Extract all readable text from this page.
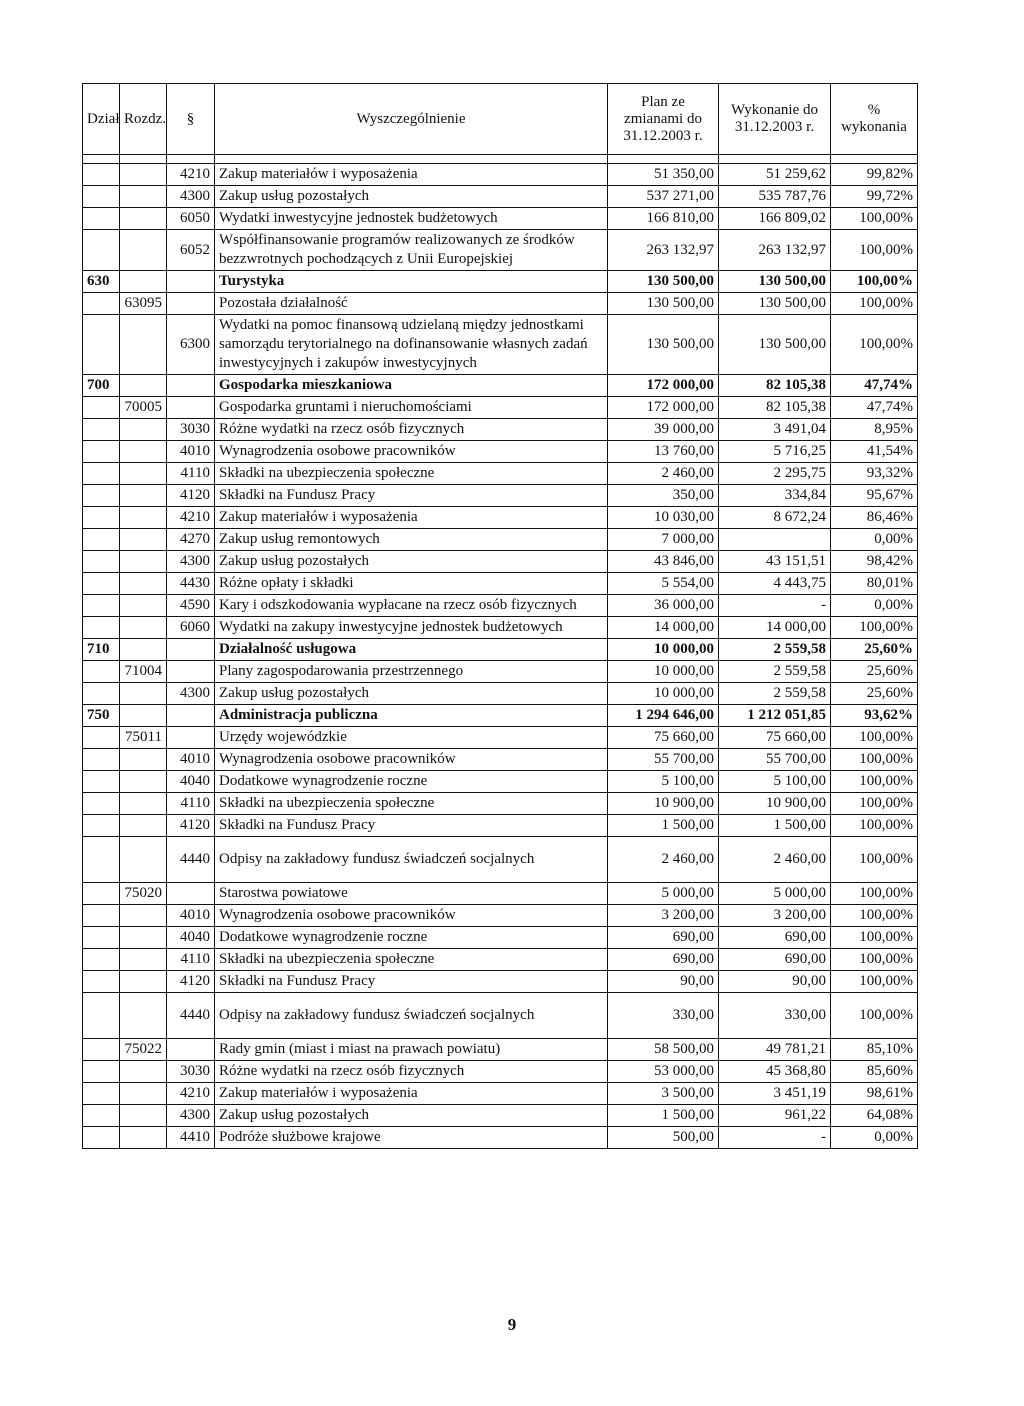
Dział	Rozdz.	§	Wyszczególnienie	Plan ze zmianami do 31.12.2003 r.	Wykonanie do 31.12.2003 r.	% wykonania

		4210	Zakup materiałów i wyposażenia	51 350,00	51 259,62	99,82%
		4300	Zakup usług pozostałych	537 271,00	535 787,76	99,72%
		6050	Wydatki inwestycyjne jednostek budżetowych	166 810,00	166 809,02	100,00%
		6052	Współfinansowanie programów realizowanych ze środków bezzwrotnych pochodzących z Unii Europejskiej	263 132,97	263 132,97	100,00%
630			Turystyka	130 500,00	130 500,00	100,00%
	63095		Pozostała działalność	130 500,00	130 500,00	100,00%
		6300	Wydatki na pomoc finansową udzielaną między jednostkami samorządu terytorialnego na dofinansowanie własnych zadań inwestycyjnych i zakupów inwestycyjnych	130 500,00	130 500,00	100,00%
700			Gospodarka mieszkaniowa	172 000,00	82 105,38	47,74%
	70005		Gospodarka gruntami i nieruchomościami	172 000,00	82 105,38	47,74%
		3030	Różne wydatki na rzecz osób fizycznych	39 000,00	3 491,04	8,95%
		4010	Wynagrodzenia osobowe pracowników	13 760,00	5 716,25	41,54%
		4110	Składki na ubezpieczenia społeczne	2 460,00	2 295,75	93,32%
		4120	Składki na Fundusz Pracy	350,00	334,84	95,67%
		4210	Zakup materiałów i wyposażenia	10 030,00	8 672,24	86,46%
		4270	Zakup usług remontowych	7 000,00		0,00%
		4300	Zakup usług pozostałych	43 846,00	43 151,51	98,42%
		4430	Różne opłaty i składki	5 554,00	4 443,75	80,01%
		4590	Kary i odszkodowania wypłacane na rzecz osób fizycznych	36 000,00	-	0,00%
		6060	Wydatki na zakupy inwestycyjne jednostek budżetowych	14 000,00	14 000,00	100,00%
710			Działalność usługowa	10 000,00	2 559,58	25,60%
	71004		Plany zagospodarowania przestrzennego	10 000,00	2 559,58	25,60%
		4300	Zakup usług pozostałych	10 000,00	2 559,58	25,60%
750			Administracja publiczna	1 294 646,00	1 212 051,85	93,62%
	75011		Urzędy wojewódzkie	75 660,00	75 660,00	100,00%
		4010	Wynagrodzenia osobowe pracowników	55 700,00	55 700,00	100,00%
		4040	Dodatkowe wynagrodzenie roczne	5 100,00	5 100,00	100,00%
		4110	Składki na ubezpieczenia społeczne	10 900,00	10 900,00	100,00%
		4120	Składki na Fundusz Pracy	1 500,00	1 500,00	100,00%
		4440	Odpisy na zakładowy fundusz świadczeń socjalnych	2 460,00	2 460,00	100,00%
	75020		Starostwa powiatowe	5 000,00	5 000,00	100,00%
		4010	Wynagrodzenia osobowe pracowników	3 200,00	3 200,00	100,00%
		4040	Dodatkowe wynagrodzenie roczne	690,00	690,00	100,00%
		4110	Składki na ubezpieczenia społeczne	690,00	690,00	100,00%
		4120	Składki na Fundusz Pracy	90,00	90,00	100,00%
		4440	Odpisy na zakładowy fundusz świadczeń socjalnych	330,00	330,00	100,00%
	75022		Rady gmin (miast i miast na prawach powiatu)	58 500,00	49 781,21	85,10%
		3030	Różne wydatki na rzecz osób fizycznych	53 000,00	45 368,80	85,60%
		4210	Zakup materiałów i wyposażenia	3 500,00	3 451,19	98,61%
		4300	Zakup usług pozostałych	1 500,00	961,22	64,08%
		4410	Podróże służbowe krajowe	500,00	-	0,00%
9
